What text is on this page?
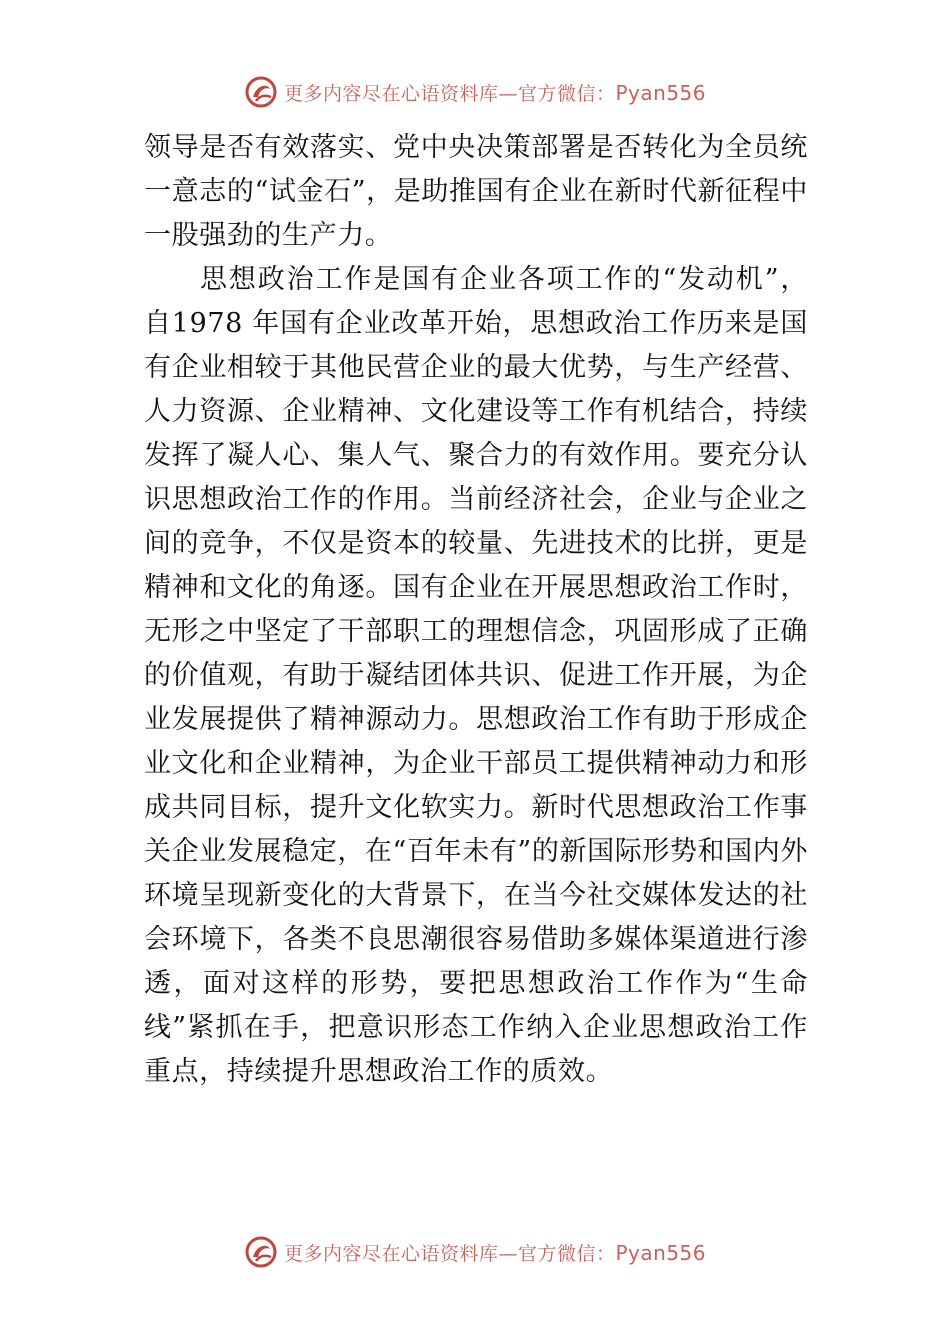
更多内容尽在心语资料库—官方微信：Pyan556

领导是否有效落实、党中央决策部署是否转化为全员统一意志的“试金石”，是助推国有企业在新时代新征程中一股强劲的生产力。

思想政治工作是国有企业各项工作的“发动机”，自1978 年国有企业改革开始，思想政治工作历来是国有企业相较于其他民营企业的最大优势，与生产经营、人力资源、企业精神、文化建设等工作有机结合，持续发挥了凝人心、集人气、聚合力的有效作用。要充分认识思想政治工作的作用。当前经济社会，企业与企业之间的竞争，不仅是资本的较量、先进技术的比拼，更是精神和文化的角逐。国有企业在开展思想政治工作时，无形之中坚定了干部职工的理想信念，巩固形成了正确的价值观，有助于凝结团体共识、促进工作开展，为企业发展提供了精神源动力。思想政治工作有助于形成企业文化和企业精神，为企业干部员工提供精神动力和形成共同目标，提升文化软实力。新时代思想政治工作事关企业发展稳定，在“百年未有”的新国际形势和国内外环境呈现新变化的大背景下，在当今社交媒体发达的社会环境下，各类不良思潮很容易借助多媒体渠道进行渗透，面对这样的形势，要把思想政治工作作为“生命线”紧抓在手，把意识形态工作纳入企业思想政治工作重点，持续提升思想政治工作的质效。

更多内容尽在心语资料库—官方微信：Pyan556
